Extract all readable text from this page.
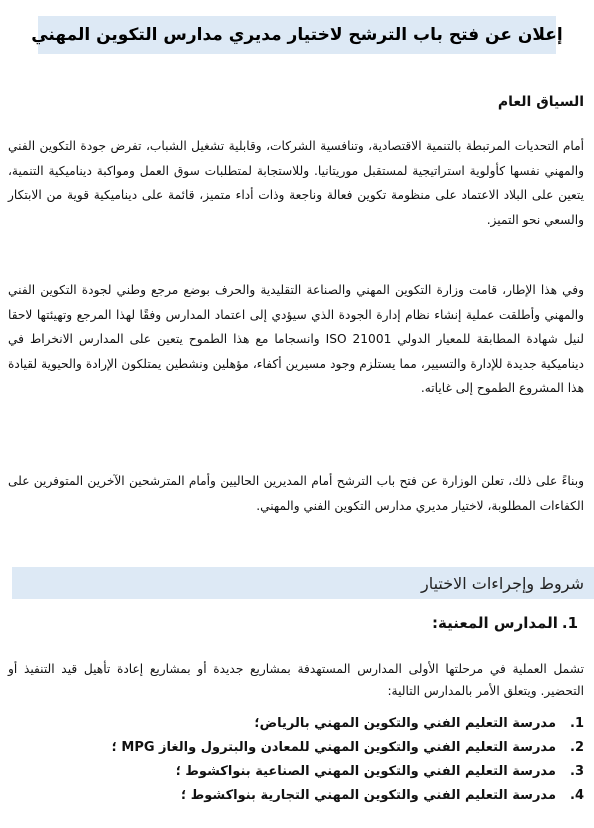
إعلان عن فتح باب الترشح لاختيار مديري مدارس التكوين المهني
السياق العام

أمام التحديات المرتبطة بالتنمية الاقتصادية، وتنافسية الشركات، وقابلية تشغيل الشباب، تفرض جودة التكوين الفني والمهني نفسها كأولوية استراتيجية لمستقبل موريتانيا. وللاستجابة لمتطلبات سوق العمل ومواكبة ديناميكية التنمية، يتعين على البلاد الاعتماد على منظومة تكوين فعالة وناجعة وذات أداء متميز، قائمة على ديناميكية قوية من الابتكار والسعي نحو التميز.

وفي هذا الإطار، قامت وزارة التكوين المهني والصناعة التقليدية والحرف بوضع مرجع وطني لجودة التكوين الفني والمهني وأطلقت عملية إنشاء نظام إدارة الجودة الذي سيؤدي إلى اعتماد المدارس وفقًا لهذا المرجع وتهيئتها لاحقا لنيل شهادة المطابقة للمعيار الدولي ISO 21001 وانسجاما مع هذا الطموح يتعين على المدارس الانخراط في ديناميكية جديدة للإدارة والتسيير، مما يستلزم وجود مسيرين أكفاء، مؤهلين ونشطين يمتلكون الإرادة والحيوية لقيادة هذا المشروع الطموح إلى غاياته.

وبناءً على ذلك، تعلن الوزارة عن فتح باب الترشح أمام المديرين الحاليين وأمام المترشحين الآخرين المتوفرين على الكفاءات المطلوبة، لاختيار مديري مدارس التكوين الفني والمهني.

شروط وإجراءات الاختيار
1.
المدارس المعنية:

تشمل العملية في مرحلتها الأولى المدارس المستهدفة بمشاريع جديدة أو بمشاريع إعادة تأهيل قيد التنفيذ أو التحضير. ويتعلق الأمر بالمدارس التالية:

1.
مدرسة التعليم الفني والتكوين المهني بالرياض؛
2.
مدرسة التعليم الفني والتكوين المهني للمعادن والبترول والغاز MPG ؛
3.
مدرسة التعليم الفني والتكوين المهني الصناعية بنواكشوط ؛
4.
مدرسة التعليم الفني والتكوين المهني التجارية بنواكشوط ؛
